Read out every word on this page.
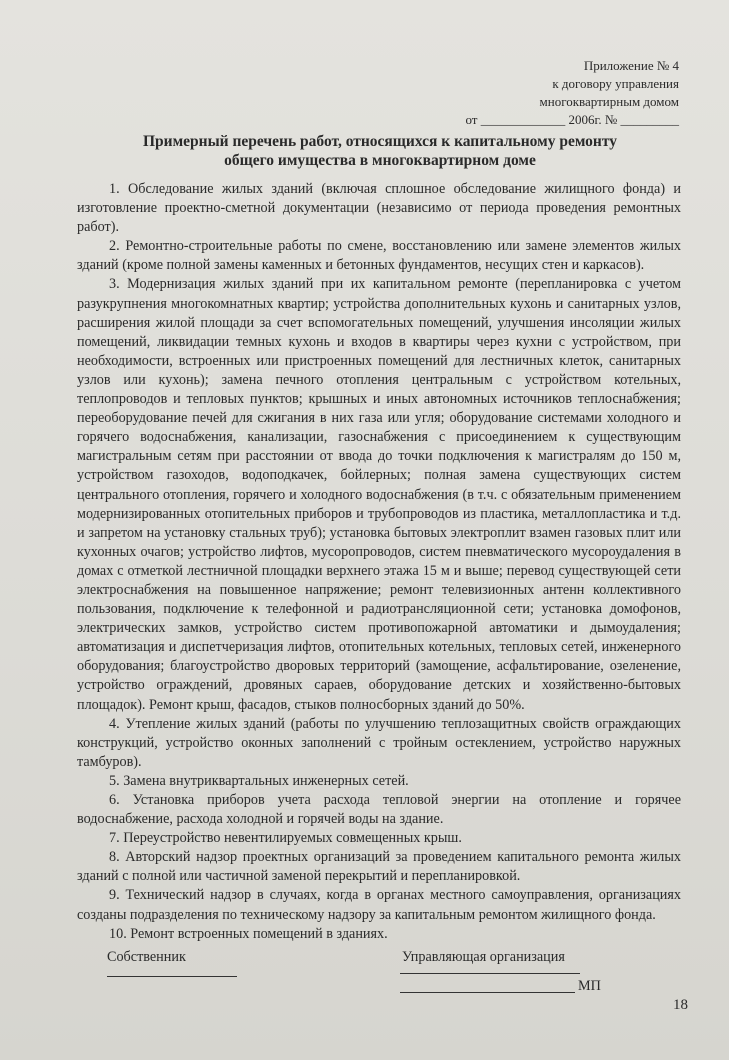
Приложение № 4
к договору управления
многоквартирным домом
от _____________ 2006г. № _________
Примерный перечень работ, относящихся к капитальному ремонту
общего имущества в многоквартирном доме

1. Обследование жилых зданий (включая сплошное обследование жилищного фонда) и изготовление проектно-сметной документации (независимо от периода проведения ремонтных работ).

2. Ремонтно-строительные работы по смене, восстановлению или замене элементов жилых зданий (кроме полной замены каменных и бетонных фундаментов, несущих стен и каркасов).

3. Модернизация жилых зданий при их капитальном ремонте (перепланировка с учетом разукрупнения многокомнатных квартир; устройства дополнительных кухонь и санитарных узлов, расширения жилой площади за счет вспомогательных помещений, улучшения инсоляции жилых помещений, ликвидации темных кухонь и входов в квартиры через кухни с устройством, при необходимости, встроенных или пристроенных помещений для лестничных клеток, санитарных узлов или кухонь); замена печного отопления центральным с устройством котельных, теплопроводов и тепловых пунктов; крышных и иных автономных источников теплоснабжения; переоборудование печей для сжигания в них газа или угля; оборудование системами холодного и горячего водоснабжения, канализации, газоснабжения с присоединением к существующим магистральным сетям при расстоянии от ввода до точки подключения к магистралям до 150 м, устройством газоходов, водоподкачек, бойлерных; полная замена существующих систем центрального отопления, горячего и холодного водоснабжения (в т.ч. с обязательным применением модернизированных отопительных приборов и трубопроводов из пластика, металлопластика и т.д. и запретом на установку стальных труб); установка бытовых электроплит взамен газовых плит или кухонных очагов; устройство лифтов, мусоропроводов, систем пневматического мусороудаления в домах с отметкой лестничной площадки верхнего этажа 15 м и выше; перевод существующей сети электроснабжения на повышенное напряжение; ремонт телевизионных антенн коллективного пользования, подключение к телефонной и радиотрансляционной сети; установка домофонов, электрических замков, устройство систем противопожарной автоматики и дымоудаления; автоматизация и диспетчеризация лифтов, отопительных котельных, тепловых сетей, инженерного оборудования; благоустройство дворовых территорий (замощение, асфальтирование, озеленение, устройство ограждений, дровяных сараев, оборудование детских и хозяйственно-бытовых площадок). Ремонт крыш, фасадов, стыков полносборных зданий до 50%.

4. Утепление жилых зданий (работы по улучшению теплозащитных свойств ограждающих конструкций, устройство оконных заполнений с тройным остеклением, устройство наружных тамбуров).

5. Замена внутриквартальных инженерных сетей.

6. Установка приборов учета расхода тепловой энергии на отопление и горячее водоснабжение, расхода холодной и горячей воды на здание.

7. Переустройство невентилируемых совмещенных крыш.

8. Авторский надзор проектных организаций за проведением капитального ремонта жилых зданий с полной или частичной заменой перекрытий и перепланировкой.

9. Технический надзор в случаях, когда в органах местного самоуправления, организациях созданы подразделения по техническому надзору за капитальным ремонтом жилищного фонда.

10. Ремонт встроенных помещений в зданиях.

Собственник	Управляющая организация
МП
18
